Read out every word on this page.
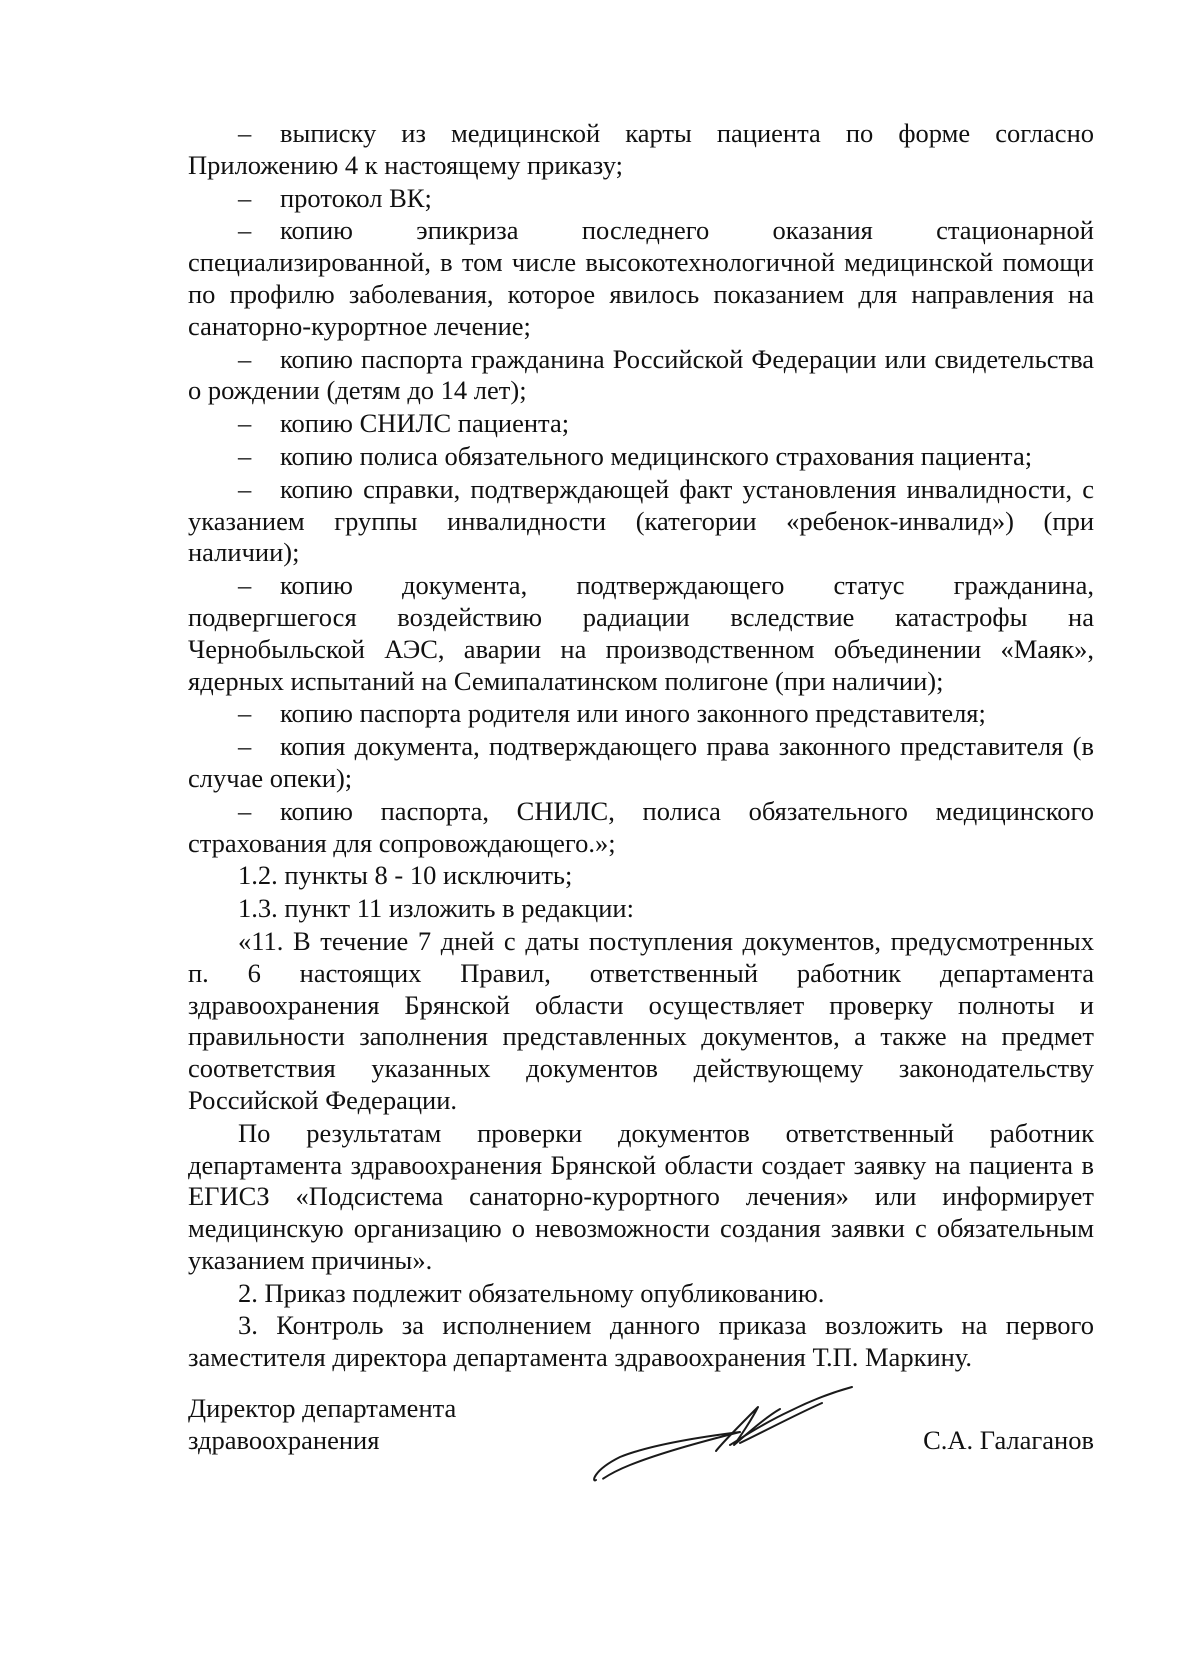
– выписку из медицинской карты пациента по форме согласно Приложению 4 к настоящему приказу;

– протокол ВК;

– копию эпикриза последнего оказания стационарной специализированной, в том числе высокотехнологичной медицинской помощи по профилю заболевания, которое явилось показанием для направления на санаторно-курортное лечение;

– копию паспорта гражданина Российской Федерации или свидетельства о рождении (детям до 14 лет);

– копию СНИЛС пациента;

– копию полиса обязательного медицинского страхования пациента;

– копию справки, подтверждающей факт установления инвалидности, с указанием группы инвалидности (категории «ребенок-инвалид») (при наличии);

– копию документа, подтверждающего статус гражданина, подвергшегося воздействию радиации вследствие катастрофы на Чернобыльской АЭС, аварии на производственном объединении «Маяк», ядерных испытаний на Семипалатинском полигоне (при наличии);

– копию паспорта родителя или иного законного представителя;

– копия документа, подтверждающего права законного представителя (в случае опеки);

– копию паспорта, СНИЛС, полиса обязательного медицинского страхования для сопровождающего.»;

1.2. пункты 8 - 10 исключить;

1.3. пункт 11 изложить в редакции:

«11. В течение 7 дней с даты поступления документов, предусмотренных п. 6 настоящих Правил, ответственный работник департамента здравоохранения Брянской области осуществляет проверку полноты и правильности заполнения представленных документов, а также на предмет соответствия указанных документов действующему законодательству Российской Федерации.

По результатам проверки документов ответственный работник департамента здравоохранения Брянской области создает заявку на пациента в ЕГИСЗ «Подсистема санаторно-курортного лечения» или информирует медицинскую организацию о невозможности создания заявки с обязательным указанием причины».

2. Приказ подлежит обязательному опубликованию.

3. Контроль за исполнением данного приказа возложить на первого заместителя директора департамента здравоохранения Т.П. Маркину.

Директор департамента
здравоохранения	С.А. Галаганов
